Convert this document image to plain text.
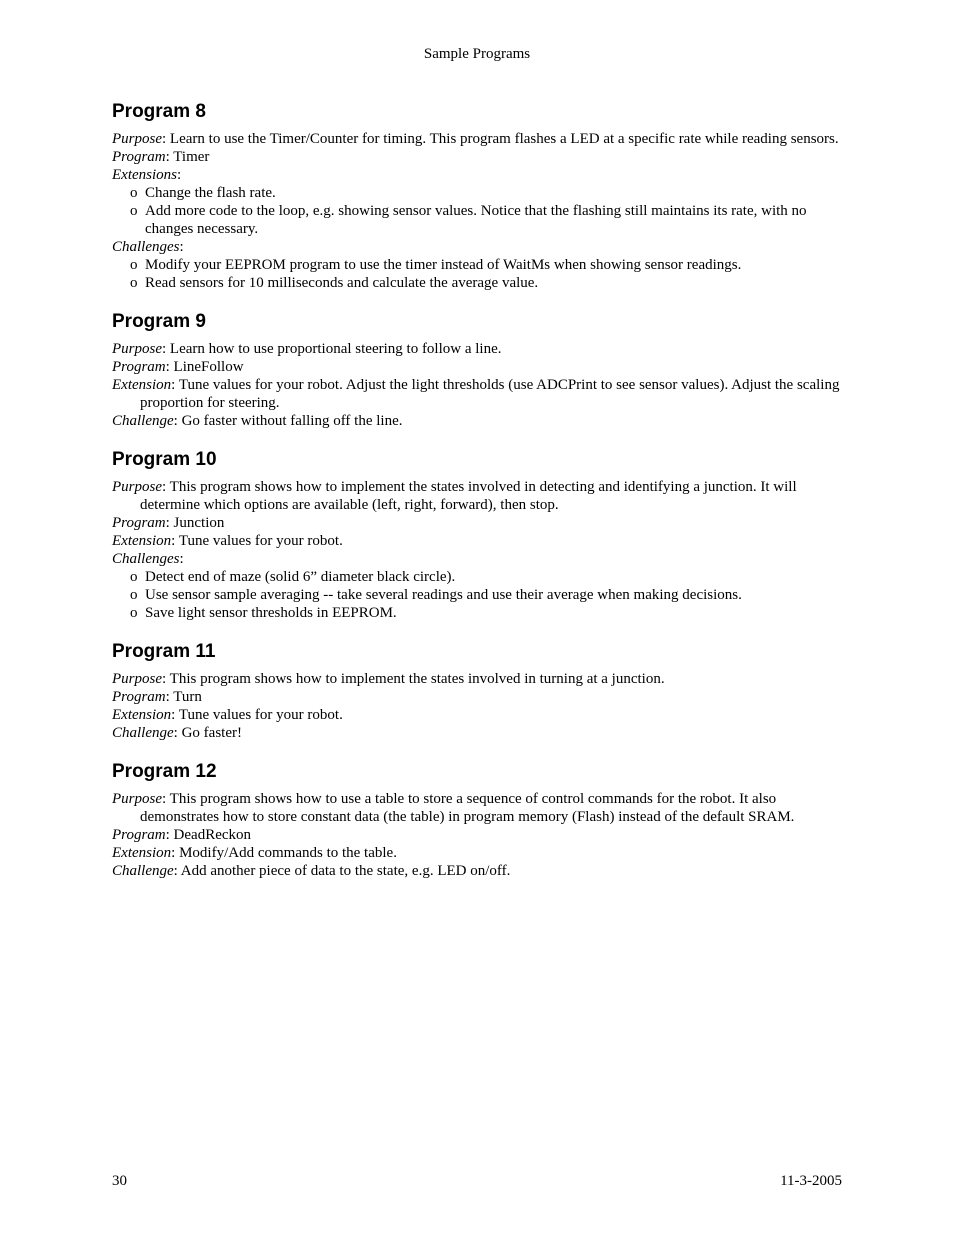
Sample Programs
Program 8

Purpose: Learn to use the Timer/Counter for timing. This program flashes a LED at a specific rate while reading sensors.

Program: Timer

Extensions:

o Change the flash rate.
o Add more code to the loop, e.g. showing sensor values. Notice that the flashing still maintains its rate, with no changes necessary.

Challenges:

o Modify your EEPROM program to use the timer instead of WaitMs when showing sensor readings.
o Read sensors for 10 milliseconds and calculate the average value.
Program 9

Purpose: Learn how to use proportional steering to follow a line.

Program: LineFollow

Extension: Tune values for your robot. Adjust the light thresholds (use ADCPrint to see sensor values). Adjust the scaling proportion for steering.

Challenge: Go faster without falling off the line.

Program 10

Purpose: This program shows how to implement the states involved in detecting and identifying a junction. It will determine which options are available (left, right, forward), then stop.

Program: Junction

Extension: Tune values for your robot.

Challenges:

o Detect end of maze (solid 6” diameter black circle).
o Use sensor sample averaging -- take several readings and use their average when making decisions.
o Save light sensor thresholds in EEPROM.
Program 11

Purpose: This program shows how to implement the states involved in turning at a junction.

Program: Turn

Extension: Tune values for your robot.

Challenge: Go faster!

Program 12

Purpose: This program shows how to use a table to store a sequence of control commands for the robot. It also demonstrates how to store constant data (the table) in program memory (Flash) instead of the default SRAM.

Program: DeadReckon

Extension: Modify/Add commands to the table.

Challenge: Add another piece of data to the state, e.g. LED on/off.

30	11-3-2005
